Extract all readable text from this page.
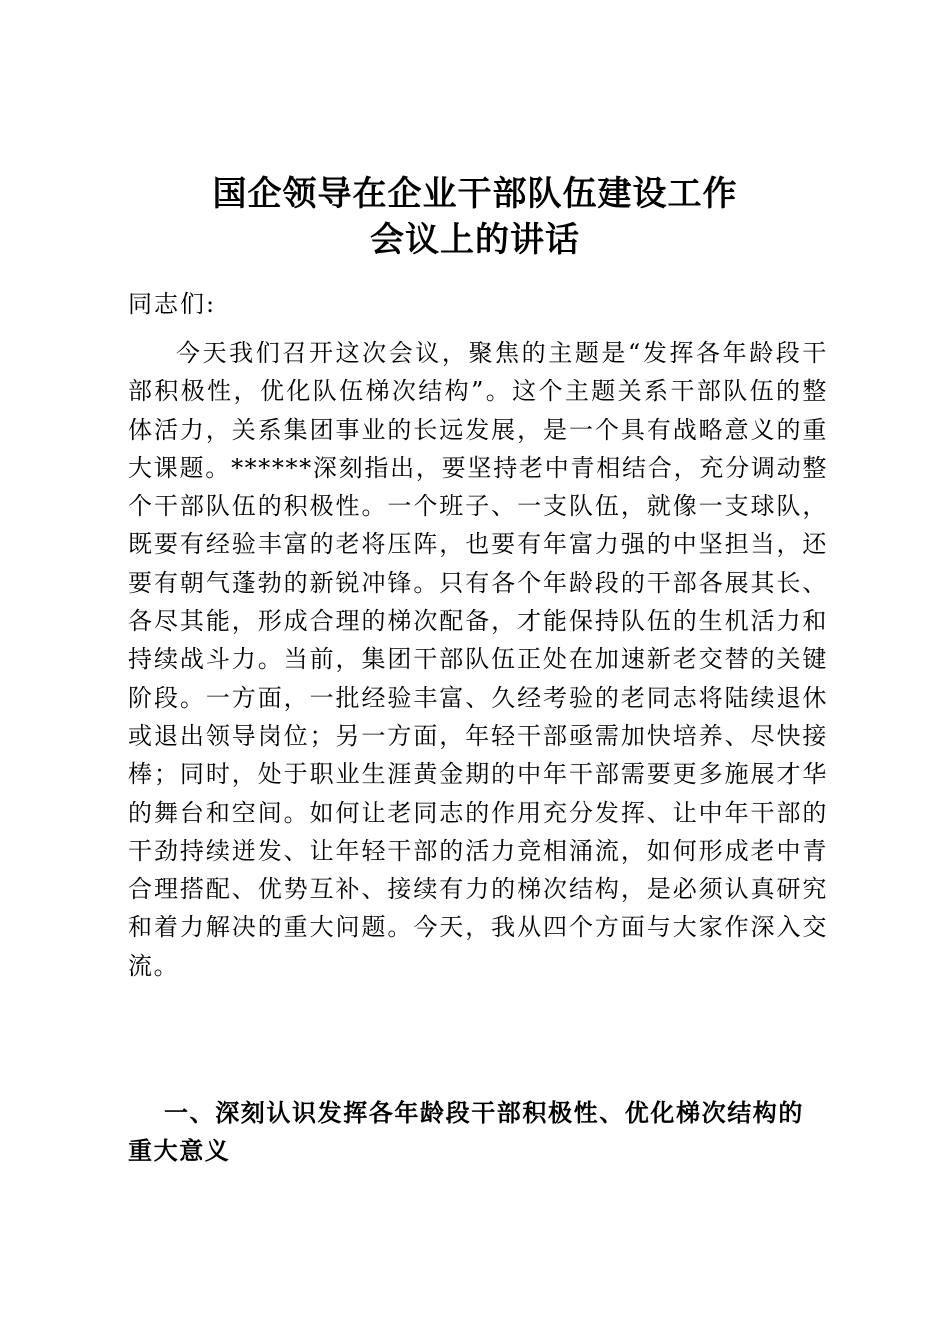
国企领导在企业干部队伍建设工作
会议上的讲话

同志们:

今天我们召开这次会议，聚焦的主题是“发挥各年龄段干部积极性，优化队伍梯次结构”。这个主题关系干部队伍的整体活力，关系集团事业的长远发展，是一个具有战略意义的重大课题。******深刻指出，要坚持老中青相结合，充分调动整个干部队伍的积极性。一个班子、一支队伍，就像一支球队，既要有经验丰富的老将压阵，也要有年富力强的中坚担当，还要有朝气蓬勃的新锐冲锋。只有各个年龄段的干部各展其长、各尽其能，形成合理的梯次配备，才能保持队伍的生机活力和持续战斗力。当前，集团干部队伍正处在加速新老交替的关键阶段。一方面，一批经验丰富、久经考验的老同志将陆续退休或退出领导岗位；另一方面，年轻干部亟需加快培养、尽快接棒；同时，处于职业生涯黄金期的中年干部需要更多施展才华的舞台和空间。如何让老同志的作用充分发挥、让中年干部的干劲持续迸发、让年轻干部的活力竞相涌流，如何形成老中青合理搭配、优势互补、接续有力的梯次结构，是必须认真研究和着力解决的重大问题。今天，我从四个方面与大家作深入交流。

一、深刻认识发挥各年龄段干部积极性、优化梯次结构的重大意义
